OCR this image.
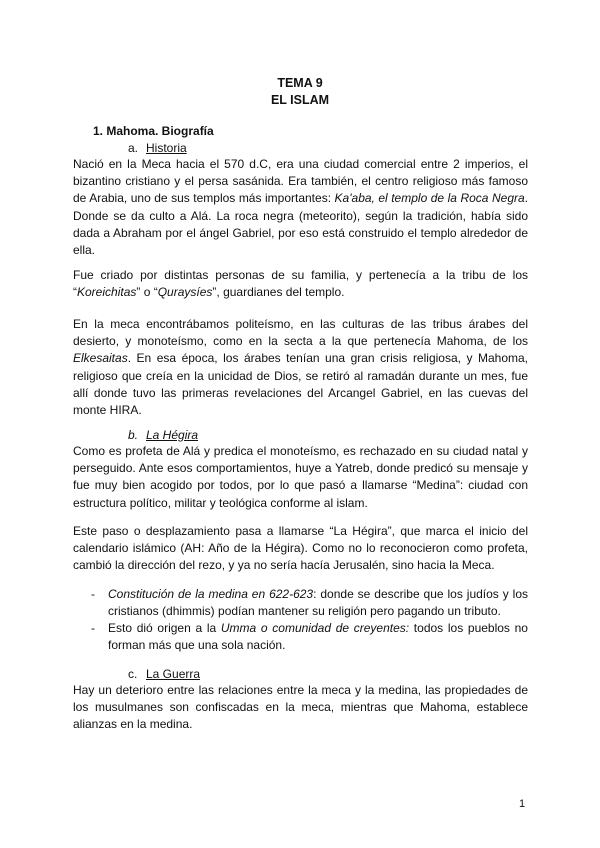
TEMA 9
EL ISLAM
1. Mahoma. Biografía
a. Historia

Nació en la Meca hacia el 570 d.C, era una ciudad comercial entre 2 imperios, el bizantino cristiano y el persa sasánida. Era también, el centro religioso más famoso de Arabia, uno de sus templos más importantes: Ka'aba, el templo de la Roca Negra. Donde se da culto a Alá. La roca negra (meteorito), según la tradición, había sido dada a Abraham por el ángel Gabriel, por eso está construido el templo alrededor de ella.

Fue criado por distintas personas de su familia, y pertenecía a la tribu de los “Koreichitas” o “Quraysíes”, guardianes del templo.

En la meca encontrábamos politeísmo, en las culturas de las tribus árabes del desierto, y monoteísmo, como en la secta a la que pertenecía Mahoma, de los Elkesaitas. En esa época, los árabes tenían una gran crisis religiosa, y Mahoma, religioso que creía en la unicidad de Dios, se retiró al ramadán durante un mes, fue allí donde tuvo las primeras revelaciones del Arcangel Gabriel, en las cuevas del monte HIRA.

b. La Hégira

Como es profeta de Alá y predica el monoteísmo, es rechazado en su ciudad natal y perseguido. Ante esos comportamientos, huye a Yatreb, donde predicó su mensaje y fue muy bien acogido por todos, por lo que pasó a llamarse “Medina”: ciudad con estructura político, militar y teológica conforme al islam.

Este paso o desplazamiento pasa a llamarse “La Hégira”, que marca el inicio del calendario islámico (AH: Año de la Hégira). Como no lo reconocieron como profeta, cambió la dirección del rezo, y ya no sería hacía Jerusalén, sino hacia la Meca.

- Constitución de la medina en 622-623: donde se describe que los judíos y los cristianos (dhimmis) podían mantener su religión pero pagando un tributo.
- Esto dió origen a la Umma o comunidad de creyentes: todos los pueblos no forman más que una sola nación.
c. La Guerra

Hay un deterioro entre las relaciones entre la meca y la medina, las propiedades de los musulmanes son confiscadas en la meca, mientras que Mahoma, establece alianzas en la medina.

1
